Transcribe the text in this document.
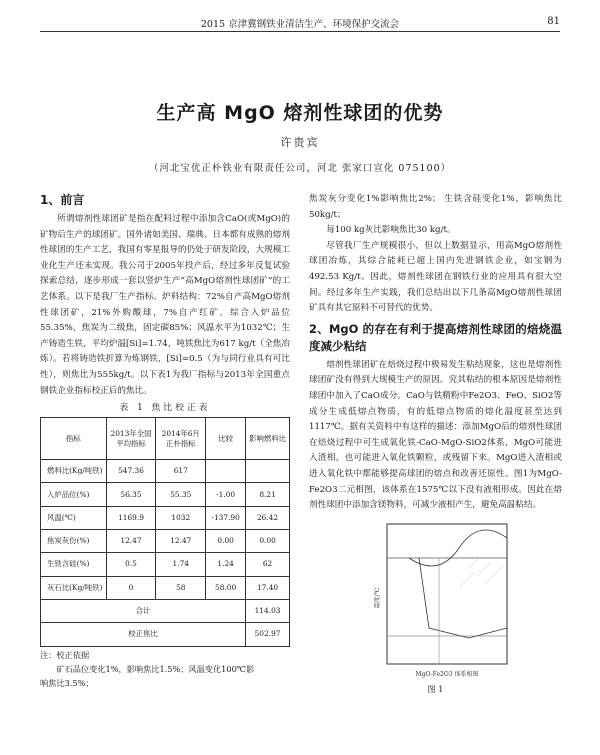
2015 京津冀钢铁业清洁生产、环境保护交流会	81
生产高 MgO 熔剂性球团的优势
许贵宾
（河北宝优正朴铁业有限责任公司，河北 张家口宣化 075100）
1、前言

所谓熔剂性球团矿是指在配料过程中添加含CaO(或MgO)的矿物后生产的球团矿。国外诸如美国、瑞典、日本都有成熟的熔剂性球团的生产工艺，我国有零星报导的仍处于研发阶段，大规模工业化生产还未实现。我公司于2005年投产后，经过多年反复试验探索总结，逐步形成一套以竖炉生产“高MgO熔剂性球团矿”的工艺体系。以下是我厂生产指标。炉料结构：72%自产高MgO熔剂性球团矿，21%外购酸球，7%自产红矿。综合入炉品位55.35%，焦炭为二级焦，固定碳85%；风温水平为1032℃；生产铸造生铁，平均炉温[Si]=1.74，吨铁焦比为617 kg/t（全焦冶炼）。若将铸造铁折算为炼钢铁，[Si]=0.5（为与同行业具有可比性），则焦比为555kg/t。以下表1为我厂指标与2013年全国重点钢铁企业指标校正后的焦比。

表 1 焦比校正表
指标	2013年全国平均指标	2014年6月正朴指标	比较	影响燃料比
燃料比(Kg/吨铁)	547.36	617		
入炉品位(%)	56.35	55.35	-1.00	8.21
风温(℃)	1169.9	1032	-137.90	26.42
焦炭灰份(%)	12.47	12.47	0.00	0.00
生铁含硅(%)	0.5	1.74	1.24	62
灰石比(Kg/吨铁)	0	58	58.00	17.40
合计				114.03
校正焦比				502.97
注：校正依据
矿石品位变化1%，影响焦比1.5%；风温变化100℃影
响焦比3.5%；

焦炭灰分变化1%影响焦比2%； 生铁含硅变化1%，影响焦比50kg/t；

每100 kg灰比影响焦比30 kg/t。

尽管我厂生产规模很小，但以上数据显示，用高MgO熔剂性球团冶炼，其综合能耗已超上国内先进钢铁企业，如宝钢为492.53 Kg/t。因此，熔剂性球团在钢铁行业的应用具有很大空间。经过多年生产实践，我们总结出以下几条高MgO熔剂性球团矿具有其它原料不可替代的优势。

2、MgO 的存在有利于提高熔剂性球团的焙烧温度减少粘结

熔剂性球团矿在焙烧过程中极易发生粘结现象，这也是熔剂性球团矿没有得到大规模生产的原因。究其粘结的根本原因是熔剂性球团中加入了CaO成分。CaO与铁精粉中Fe2O3、FeO、SiO2等成分生成低熔点物质，有的低熔点物质的熔化温度甚至达到1117℃。据有关资料中有这样的描述：添加MgO后的熔剂性球团在焙烧过程中可生成氧化铁-CaO-MgO-SiO2体系，MgO可能进入渣相，也可能进入氧化铁颗粒，或残留下来。MgO进入渣相或进入氧化铁中都能够提高球团的熔点和改善还原性。图1为MgO-Fe2O3二元相图，该体系在1575℃以下没有液相形成。因此在熔剂性球团中添加含镁物料，可减少液相产生，避免高温粘结。

温度/℃
MgO-Fe2O3 体系相图
图 1
